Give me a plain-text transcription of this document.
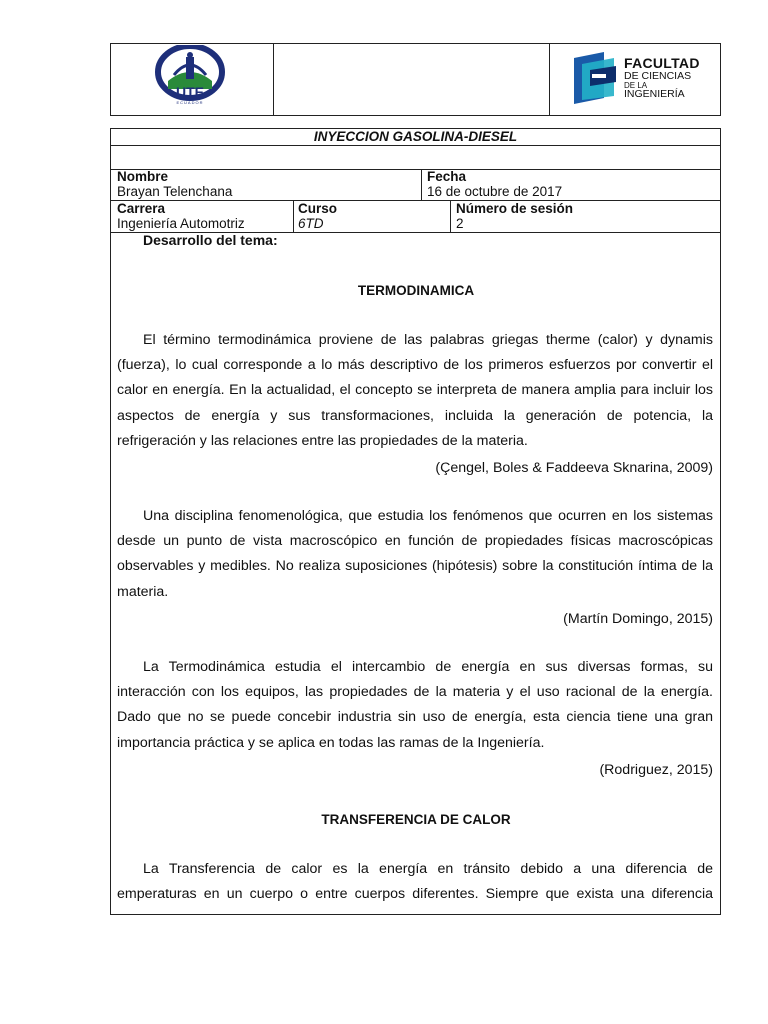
UTE
ECUADOR
FACULTAD
DE CIENCIAS
DE LA
INGENIERÍA
INYECCION GASOLINA-DIESEL
Nombre
Brayan Telenchana
Fecha
16 de octubre de 2017
Carrera
Ingeniería Automotriz
Curso
6TD
Número de sesión
2
Desarrollo del tema:
TERMODINAMICA

El término termodinámica proviene de las palabras griegas therme (calor) y dynamis (fuerza), lo cual corresponde a lo más descriptivo de los primeros esfuerzos por convertir el calor en energía. En la actualidad, el concepto se interpreta de manera amplia para incluir los aspectos de energía y sus transformaciones, incluida la generación de potencia, la refrigeración y las relaciones entre las propiedades de la materia.

(Çengel, Boles & Faddeeva Sknarina, 2009)

Una disciplina fenomenológica, que estudia los fenómenos que ocurren en los sistemas desde un punto de vista macroscópico en función de propiedades físicas macroscópicas observables y medibles. No realiza suposiciones (hipótesis) sobre la constitución íntima de la materia.

(Martín Domingo, 2015)

La Termodinámica estudia el intercambio de energía en sus diversas formas, su interacción con los equipos, las propiedades de la materia y el uso racional de la energía. Dado que no se puede concebir industria sin uso de energía, esta ciencia tiene una gran importancia práctica y se aplica en todas las ramas de la Ingeniería.

(Rodriguez, 2015)
TRANSFERENCIA DE CALOR

La Transferencia de calor es la energía en tránsito debido a una diferencia de emperaturas en un cuerpo o entre cuerpos diferentes. Siempre que exista una diferencia
